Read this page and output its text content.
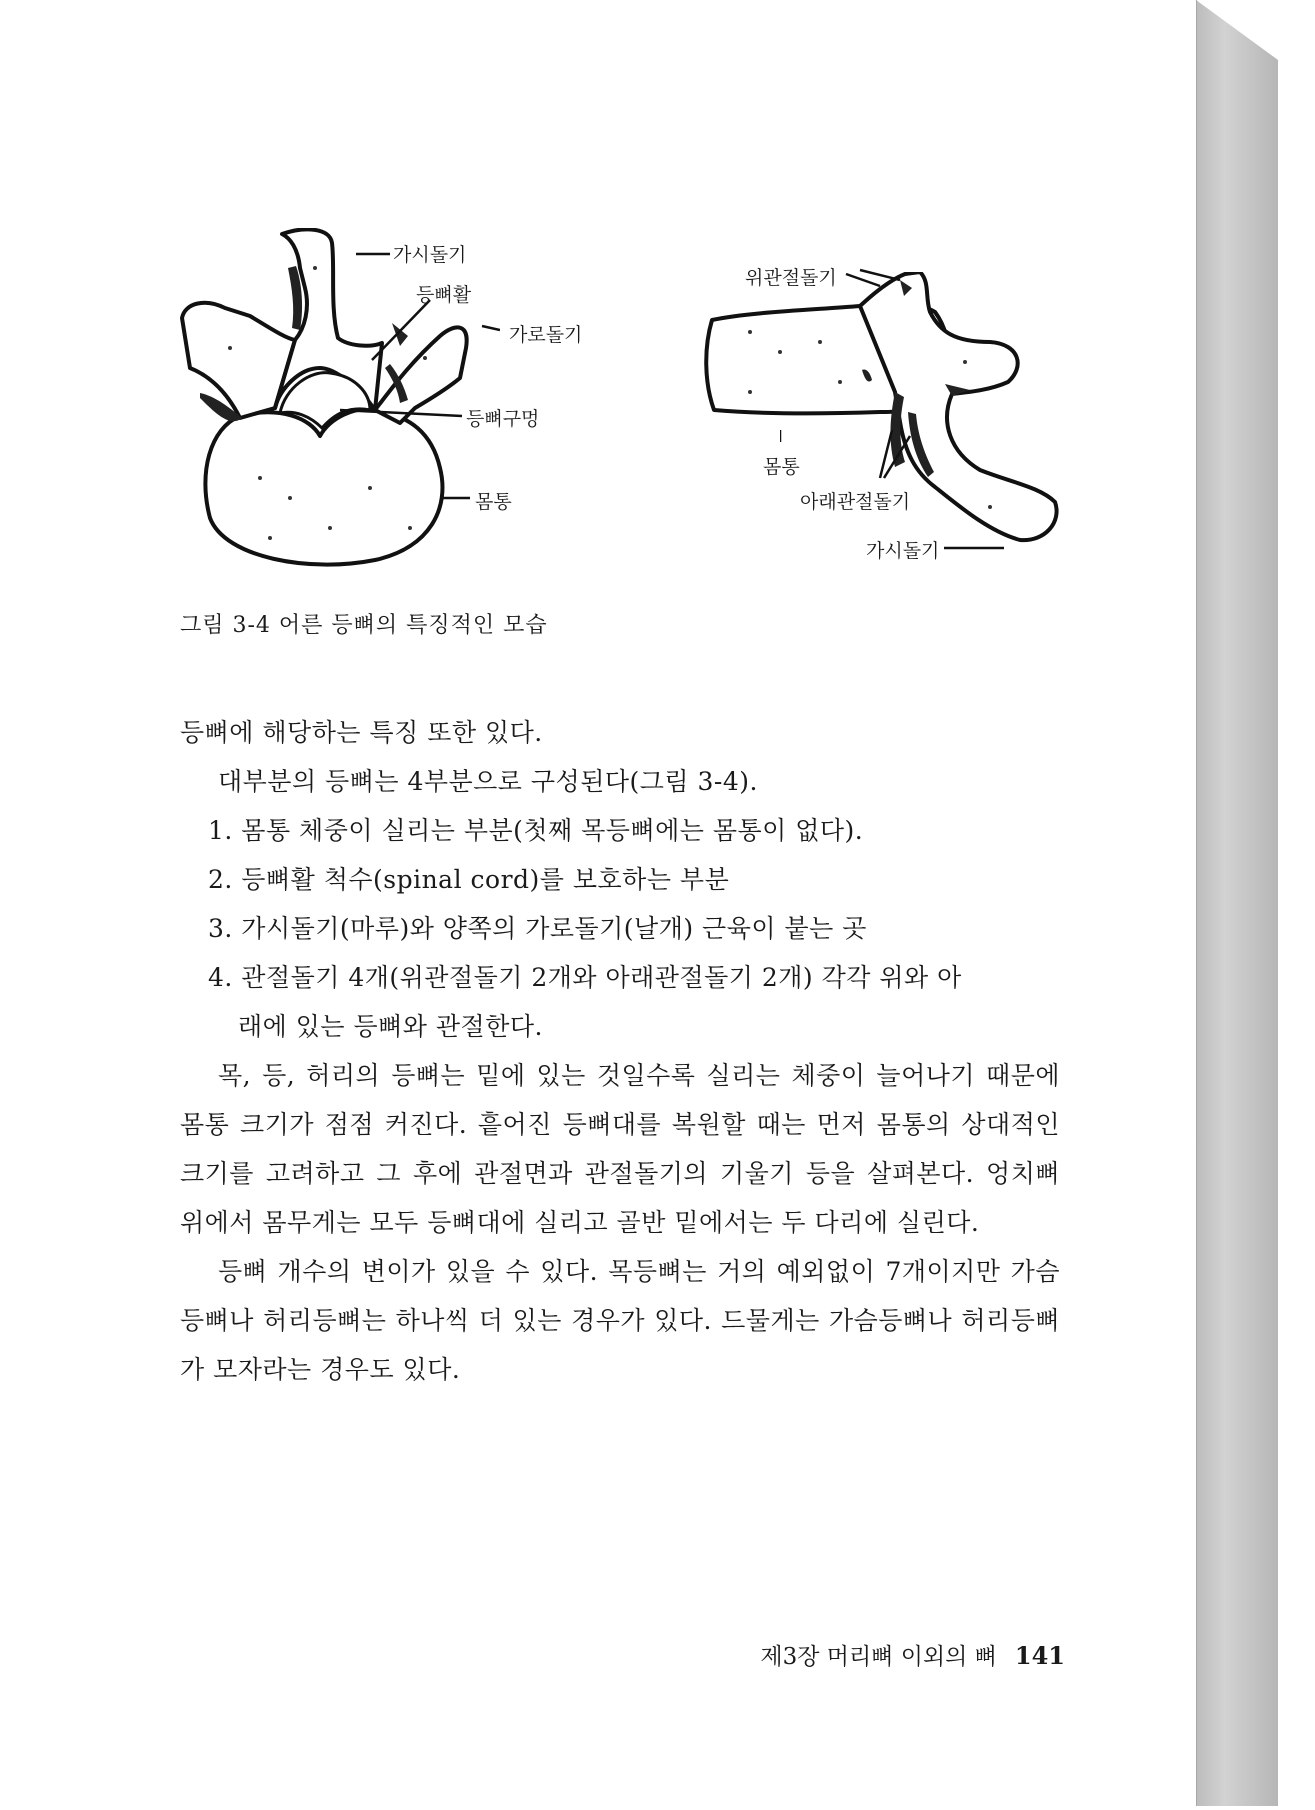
가시돌기
등뼈활
가로돌기
등뼈구멍
몸통
위관절돌기
몸통
아래관절돌기
가시돌기
그림 3-4 어른 등뼈의 특징적인 모습

등뼈에 해당하는 특징 또한 있다.

대부분의 등뼈는 4부분으로 구성된다(그림 3-4).

1. 몸통 체중이 실리는 부분(첫째 목등뼈에는 몸통이 없다).

2. 등뼈활 척수(spinal cord)를 보호하는 부분

3. 가시돌기(마루)와 양쪽의 가로돌기(날개) 근육이 붙는 곳

4. 관절돌기 4개(위관절돌기 2개와 아래관절돌기 2개) 각각 위와 아

래에 있는 등뼈와 관절한다.

목, 등, 허리의 등뼈는 밑에 있는 것일수록 실리는 체중이 늘어나기 때문에 몸통 크기가 점점 커진다. 흩어진 등뼈대를 복원할 때는 먼저 몸통의 상대적인 크기를 고려하고 그 후에 관절면과 관절돌기의 기울기 등을 살펴본다. 엉치뼈 위에서 몸무게는 모두 등뼈대에 실리고 골반 밑에서는 두 다리에 실린다.

등뼈 개수의 변이가 있을 수 있다. 목등뼈는 거의 예외없이 7개이지만 가슴등뼈나 허리등뼈는 하나씩 더 있는 경우가 있다. 드물게는 가슴등뼈나 허리등뼈가 모자라는 경우도 있다.

제3장 머리뼈 이외의 뼈 141
